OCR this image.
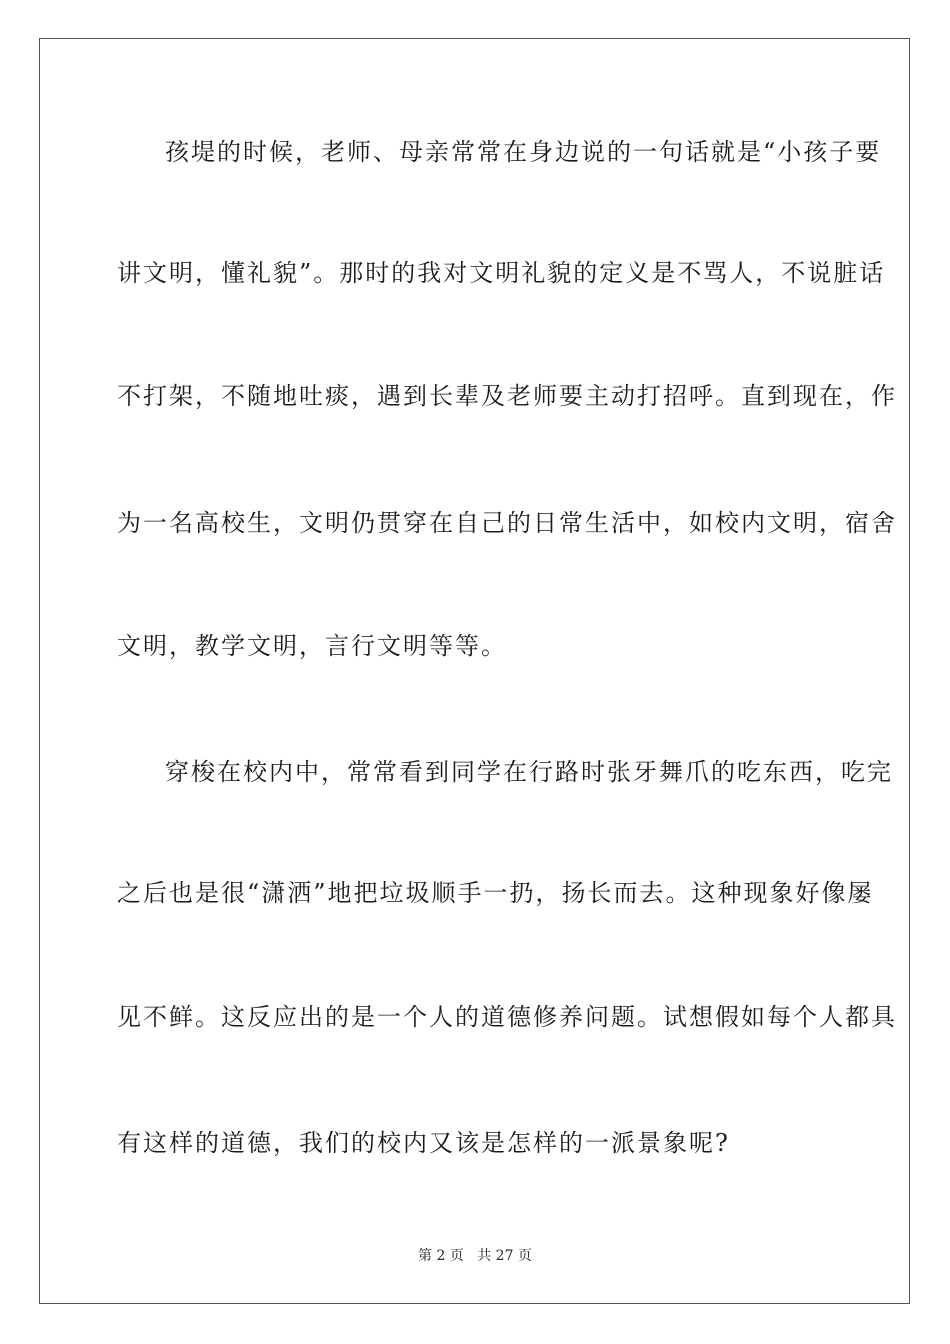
孩堤的时候，老师、母亲常常在身边说的一句话就是“小孩子要
讲文明，懂礼貌”。那时的我对文明礼貌的定义是不骂人，不说脏话
不打架，不随地吐痰，遇到长辈及老师要主动打招呼。直到现在，作
为一名高校生，文明仍贯穿在自己的日常生活中，如校内文明，宿舍
文明，教学文明，言行文明等等。
穿梭在校内中，常常看到同学在行路时张牙舞爪的吃东西，吃完
之后也是很“潇洒”地把垃圾顺手一扔，扬长而去。这种现象好像屡
见不鲜。这反应出的是一个人的道德修养问题。试想假如每个人都具
有这样的道德，我们的校内又该是怎样的一派景象呢?
第 2 页 共 27 页
